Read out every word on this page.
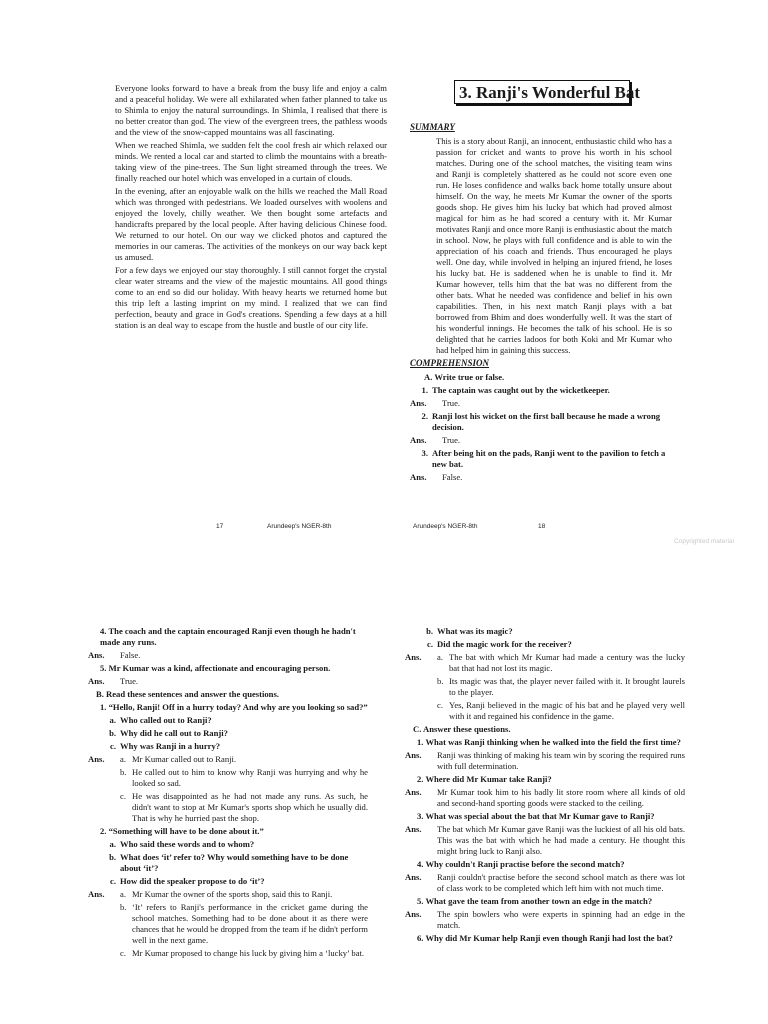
Everyone looks forward to have a break from the busy life and enjoy a calm and a peaceful holiday. We were all exhilarated when father planned to take us to Shimla to enjoy the natural surroundings. In Shimla, I realised that there is no better creator than god. The view of the evergreen trees, the pathless woods and the view of the snow-capped mountains was all fascinating.

When we reached Shimla, we sudden felt the cool fresh air which relaxed our minds. We rented a local car and started to climb the mountains with a breath-taking view of the pine-trees. The Sun light streamed through the trees. We finally reached our hotel which was enveloped in a curtain of clouds.

In the evening, after an enjoyable walk on the hills we reached the Mall Road which was thronged with pedestrians. We loaded ourselves with woolens and enjoyed the lovely, chilly weather. We then bought some artefacts and handicrafts prepared by the local people. After having delicious Chinese food. We returned to our hotel. On our way we clicked photos and captured the memories in our cameras. The activities of the monkeys on our way back kept us amused.

For a few days we enjoyed our stay thoroughly. I still cannot forget the crystal clear water streams and the view of the majestic mountains. All good things come to an end so did our holiday. With heavy hearts we returned home but this trip left a lasting imprint on my mind. I realized that we can find perfection, beauty and grace in God's creations. Spending a few days at a hill station is an deal way to escape from the hustle and bustle of our city life.

17	Arundeep's NGER-8th
3. Ranji's Wonderful Bat
SUMMARY

This is a story about Ranji, an innocent, enthusiastic child who has a passion for cricket and wants to prove his worth in his school matches. During one of the school matches, the visiting team wins and Ranji is completely shattered as he could not score even one run. He loses confidence and walks back home totally unsure about himself. On the way, he meets Mr Kumar the owner of the sports goods shop. He gives him his lucky bat which had proved almost magical for him as he had scored a century with it. Mr Kumar motivates Ranji and once more Ranji is enthusiastic about the match in school. Now, he plays with full confidence and is able to win the appreciation of his coach and friends. Thus encouraged he plays well. One day, while involved in helping an injured friend, he loses his lucky bat. He is saddened when he is unable to find it. Mr Kumar however, tells him that the bat was no different from the other bats. What he needed was confidence and belief in his own capabilities. Then, in his next match Ranji plays with a bat borrowed from Bhim and does wonderfully well. It was the start of his wonderful innings. He becomes the talk of his school. He is so delighted that he carries ladoos for both Koki and Mr Kumar who had helped him in gaining this success.

COMPREHENSION
A. Write true or false.
1. The captain was caught out by the wicketkeeper.
Ans.	True.
2. Ranji lost his wicket on the first ball because he made a wrong decision.
Ans.	True.
3. After being hit on the pads, Ranji went to the pavilion to fetch a new bat.
Ans.	False.
Arundeep's NGER-8th	18
Copyrighted material
4. The coach and the captain encouraged Ranji even though he hadn't made any runs.
Ans.	False.
5. Mr Kumar was a kind, affectionate and encouraging person.
Ans.	True.
B. Read these sentences and answer the questions.
1. “Hello, Ranji! Off in a hurry today? And why are you looking so sad?”
a. Who called out to Ranji?
b. Why did he call out to Ranji?
c. Why was Ranji in a hurry?
Ans.	a. Mr Kumar called out to Ranji.
b. He called out to him to know why Ranji was hurrying and why he looked so sad.
c. He was disappointed as he had not made any runs. As such, he didn't want to stop at Mr Kumar's sports shop which he usually did. That is why he hurried past the shop.
2. “Something will have to be done about it.”
a. Who said these words and to whom?
b. What does ‘it’ refer to? Why would something have to be done about ‘it’?
c. How did the speaker propose to do ‘it’?
Ans.	a. Mr Kumar the owner of the sports shop, said this to Ranji.
b. ‘It’ refers to Ranji's performance in the cricket game during the school matches. Something had to be done about it as there were chances that he would be dropped from the team if he didn't perform well in the next game.
c. Mr Kumar proposed to change his luck by giving him a ‘lucky’ bat.
b. What was its magic?
c. Did the magic work for the receiver?
Ans.	a. The bat with which Mr Kumar had made a century was the lucky bat that had not lost its magic.
b. Its magic was that, the player never failed with it. It brought laurels to the player.
c. Yes, Ranji believed in the magic of his bat and he played very well with it and regained his confidence in the game.
C. Answer these questions.
1. What was Ranji thinking when he walked into the field the first time?
Ans.	Ranji was thinking of making his team win by scoring the required runs with full determination.
2. Where did Mr Kumar take Ranji?
Ans.	Mr Kumar took him to his badly lit store room where all kinds of old and second-hand sporting goods were stacked to the ceiling.
3. What was special about the bat that Mr Kumar gave to Ranji?
Ans.	The bat which Mr Kumar gave Ranji was the luckiest of all his old bats. This was the bat with which he had made a century. He thought this might bring luck to Ranji also.
4. Why couldn't Ranji practise before the second match?
Ans.	Ranji couldn't practise before the second school match as there was lot of class work to be completed which left him with not much time.
5. What gave the team from another town an edge in the match?
Ans.	The spin bowlers who were experts in spinning had an edge in the match.
6. Why did Mr Kumar help Ranji even though Ranji had lost the bat?
